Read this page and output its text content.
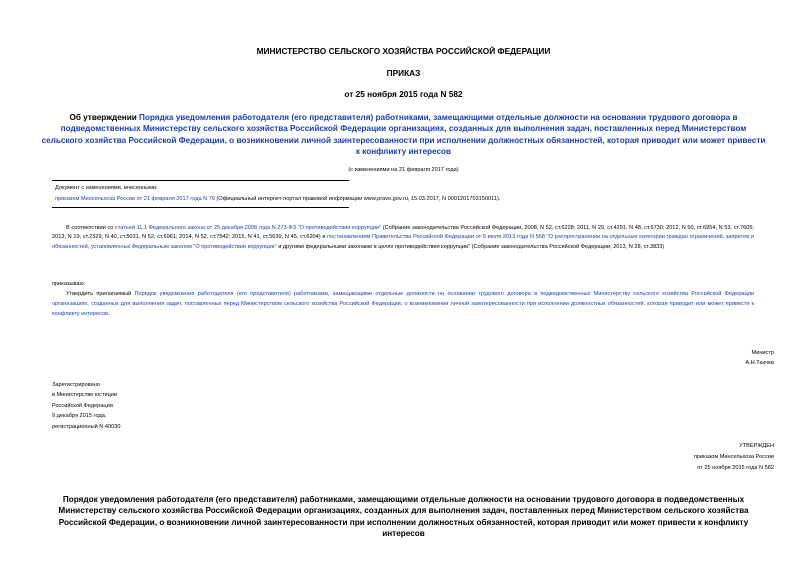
МИНИСТЕРСТВО СЕЛЬСКОГО ХОЗЯЙСТВА РОССИЙСКОЙ ФЕДЕРАЦИИ
ПРИКАЗ
от 25 ноября 2015 года N 582
Об утверждении Порядка уведомления работодателя (его представителя) работниками, замещающими отдельные должности на основании трудового договора в подведомственных Министерству сельского хозяйства Российской Федерации организациях, созданных для выполнения задач, поставленных перед Министерством сельского хозяйства Российской Федерации, о возникновении личной заинтересованности при исполнении должностных обязанностей, которая приводит или может привести к конфликту интересов
(с изменениями на 21 февраля 2017 года)
Документ с изменениями, внесенными:
приказом Минсельхоза России от 21 февраля 2017 года N 76 (Официальный интернет-портал правовой информации www.pravo.gov.ru, 15.03.2017, N 0001201703150011).
В соответствии со статьей 11.1 Федерального закона от 25 декабря 2008 года N 273-ФЗ "О противодействии коррупции" (Собрание законодательства Российской Федерации, 2008, N 52, ст.6228; 2011, N 29, ст.4291, N 48, ст.6730; 2012, N 50, ст.6954, N 53, ст.7605; 2013, N 19, ст.2329, N 40, ст.5031, N 52, ст.6961; 2014, N 52, ст.7542; 2015, N 41, ст.5639, N 45, ст.6204) и постановлением Правительства Российской Федерации от 5 июля 2013 года N 568 "О распространении на отдельные категории граждан ограничений, запретов и обязанностей, установленных Федеральным законом "О противодействии коррупции" и другими федеральными законами в целях противодействия коррупции" (Собрание законодательства Российской Федерации, 2013, N 28, ст.3833)
приказываю:
Утвердить прилагаемый Порядок уведомления работодателя (его представителя) работниками, замещающими отдельные должности на основании трудового договора в подведомственных Министерству сельского хозяйства Российской Федерации организациях, созданных для выполнения задач, поставленных перед Министерством сельского хозяйства Российской Федерации, о возникновении личной заинтересованности при исполнении должностных обязанностей, которая приводит или может привести к конфликту интересов.
Министр
А.Н.Ткачев
Зарегистрировано
в Министерстве юстиции
Российской Федерации
9 декабря 2015 года,
регистрационный N 40030
УТВЕРЖДЕН
приказом Минсельхоза России
от 25 ноября 2015 года N 582
Порядок уведомления работодателя (его представителя) работниками, замещающими отдельные должности на основании трудового договора в подведомственных Министерству сельского хозяйства Российской Федерации организациях, созданных для выполнения задач, поставленных перед Министерством сельского хозяйства Российской Федерации, о возникновении личной заинтересованности при исполнении должностных обязанностей, которая приводит или может привести к конфликту интересов
